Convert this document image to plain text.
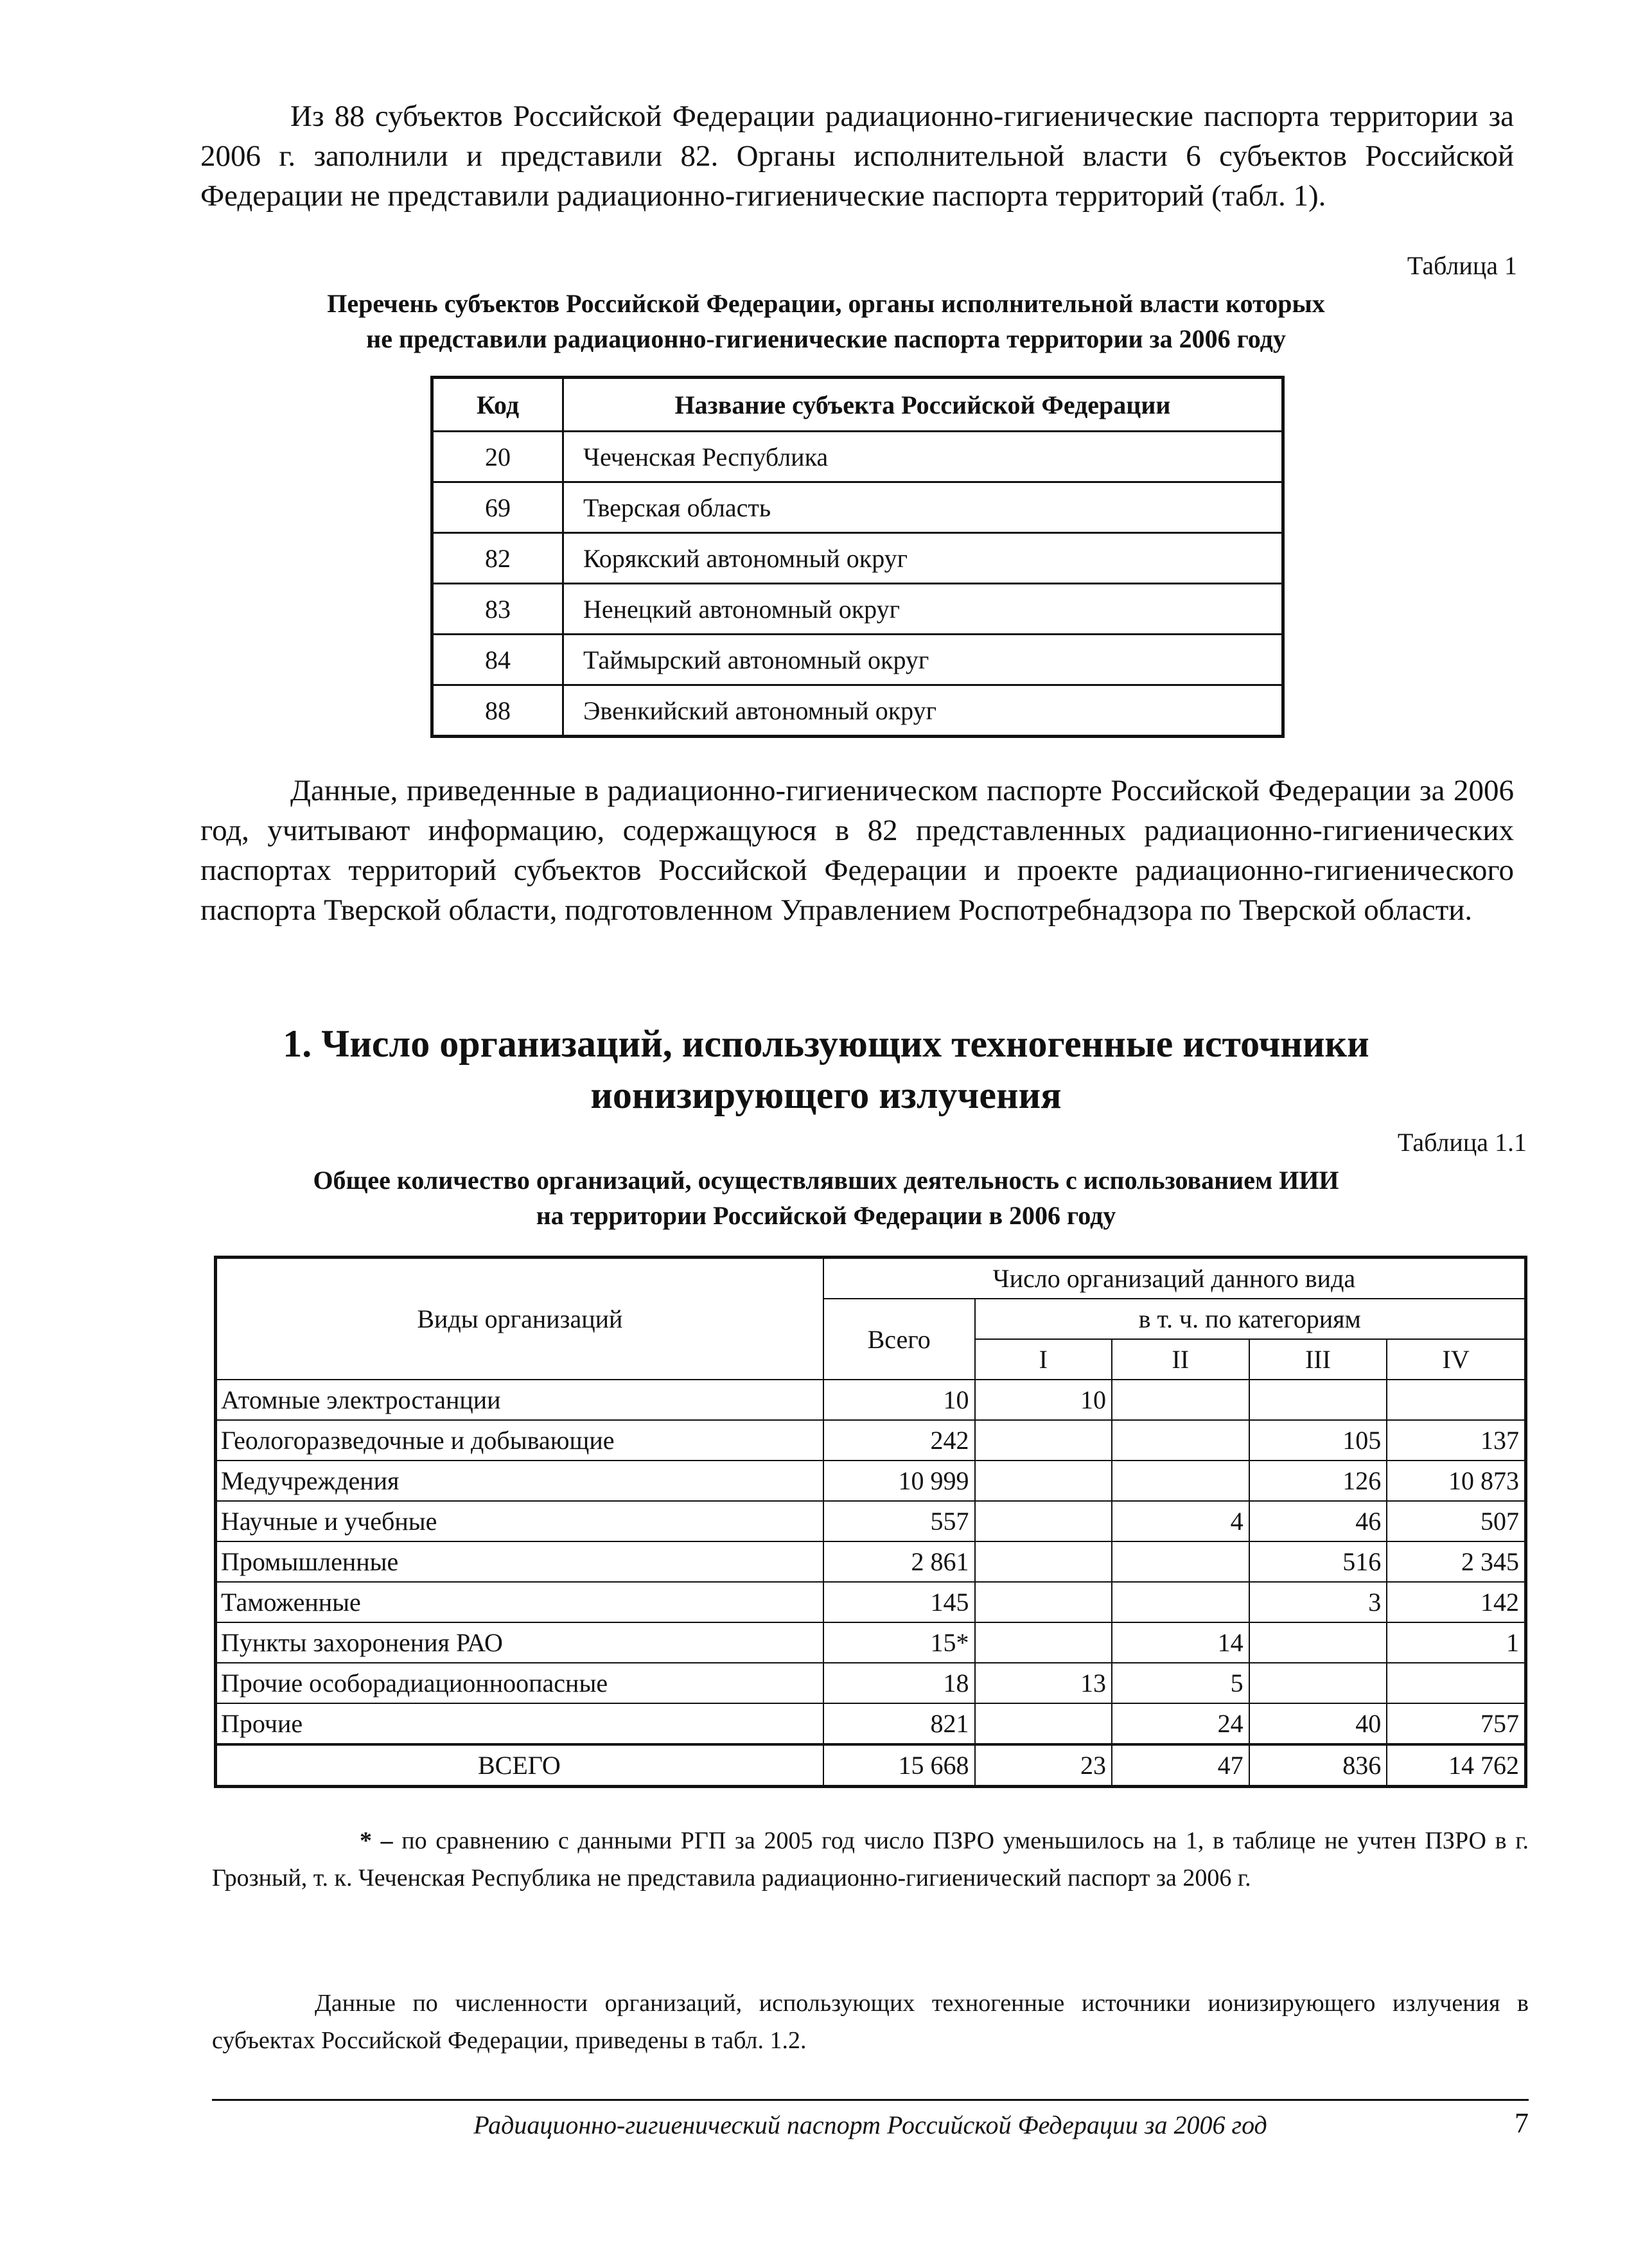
Из 88 субъектов Российской Федерации радиационно-гигиенические паспорта территории за 2006 г. заполнили и представили 82. Органы исполнительной власти 6 субъектов Российской Федерации не представили радиационно-гигиенические паспорта территорий (табл. 1).

Таблица 1
Перечень субъектов Российской Федерации, органы исполнительной власти которых
не представили радиационно-гигиенические паспорта территории за 2006 году
Код	Название субъекта Российской Федерации
20	Чеченская Республика
69	Тверская область
82	Корякский автономный округ
83	Ненецкий автономный округ
84	Таймырский автономный округ
88	Эвенкийский автономный округ

Данные, приведенные в радиационно-гигиеническом паспорте Российской Федерации за 2006 год, учитывают информацию, содержащуюся в 82 представленных радиационно-гигиенических паспортах территорий субъектов Российской Федерации и проекте радиационно-гигиенического паспорта Тверской области, подготовленном Управлением Роспотребнадзора по Тверской области.

1. Число организаций, использующих техногенные источники
ионизирующего излучения
Таблица 1.1
Общее количество организаций, осуществлявших деятельность с использованием ИИИ
на территории Российской Федерации в 2006 году
Виды организаций	Число организаций данного вида				
	Всего	в т. ч. по категориям			
		I	II	III	IV
Атомные электростанции	10	10			
Геологоразведочные и добывающие	242			105	137
Медучреждения	10 999			126	10 873
Научные и учебные	557		4	46	507
Промышленные	2 861			516	2 345
Таможенные	145			3	142
Пункты захоронения РАО	15*		14		1
Прочие особорадиационноопасные	18	13	5		
Прочие	821		24	40	757
ВСЕГО	15 668	23	47	836	14 762

* – по сравнению с данными РГП за 2005 год число ПЗРО уменьшилось на 1, в таблице не учтен ПЗРО в г. Грозный, т. к. Чеченская Республика не представила радиационно-гигиенический паспорт за 2006 г.

Данные по численности организаций, использующих техногенные источники ионизирующего излучения в субъектах Российской Федерации, приведены в табл. 1.2.

Радиационно-гигиенический паспорт Российской Федерации за 2006 год	7
